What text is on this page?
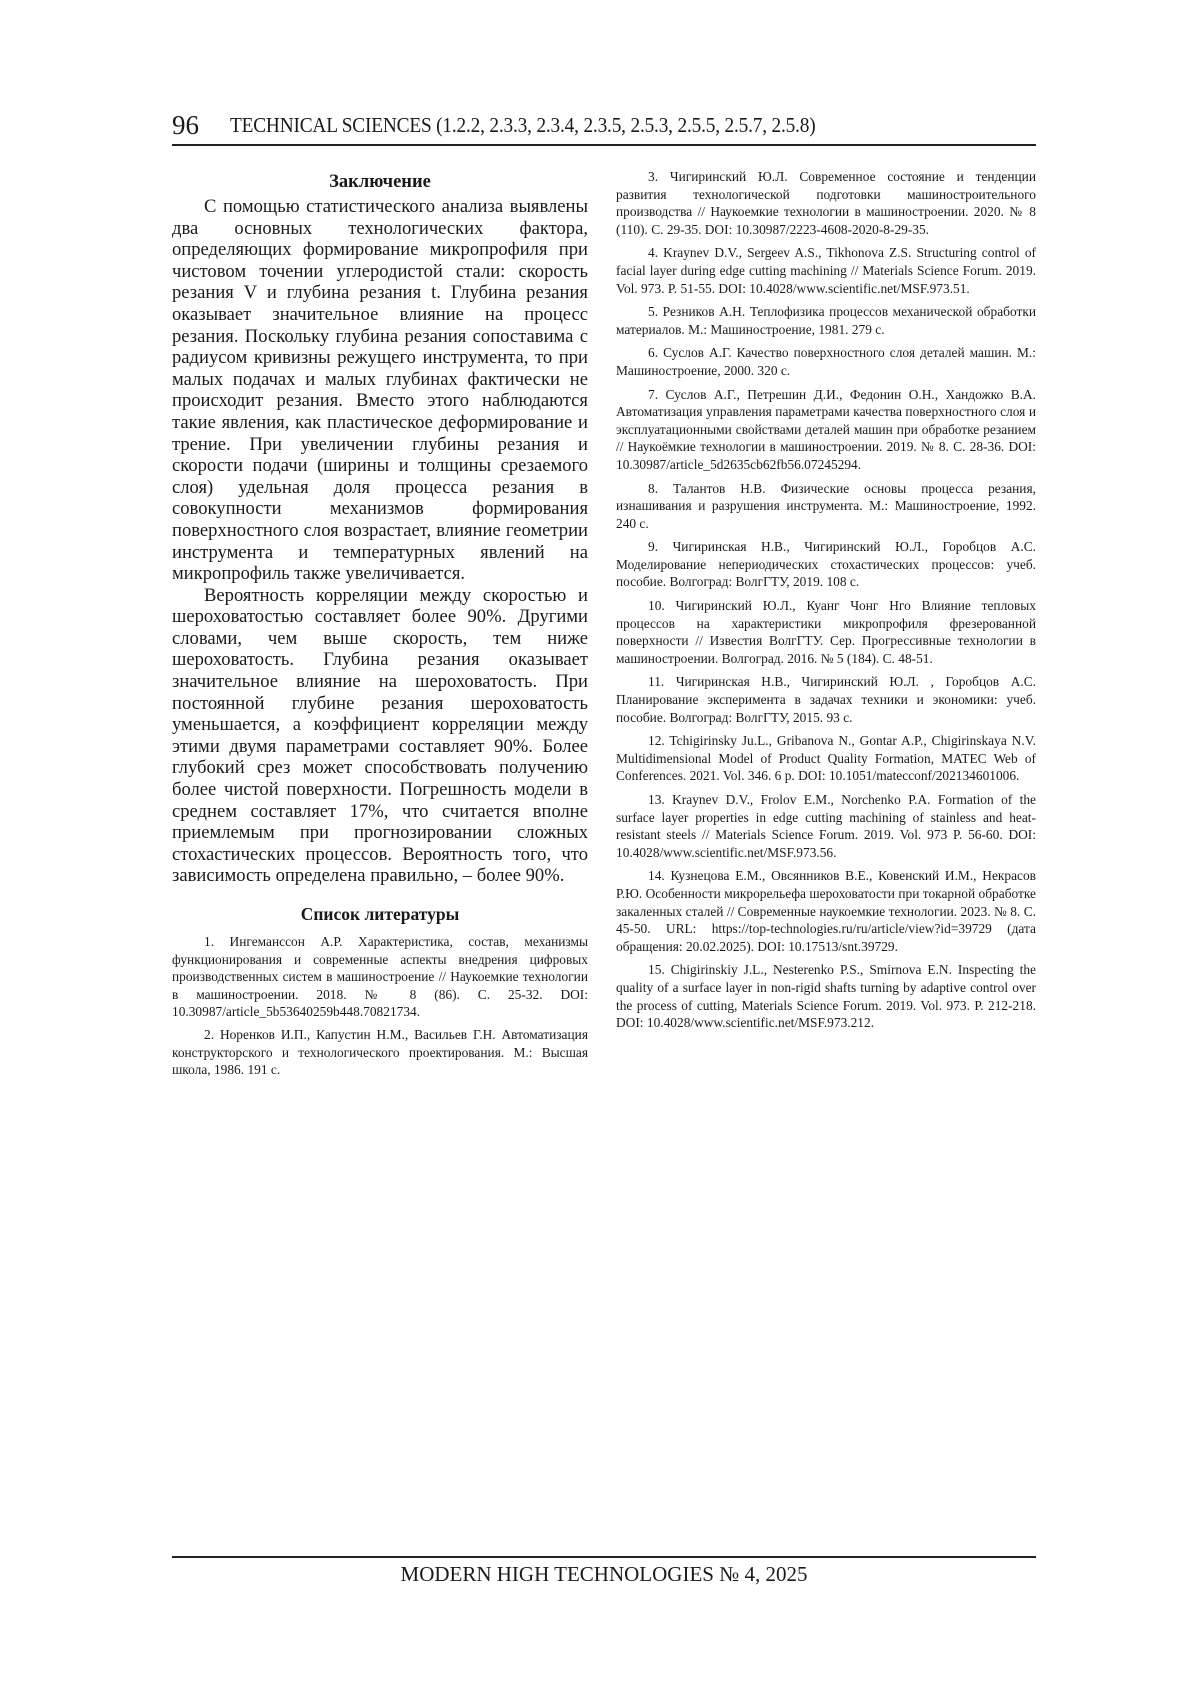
96	TECHNICAL SCIENCES (1.2.2, 2.3.3, 2.3.4, 2.3.5, 2.5.3, 2.5.5, 2.5.7, 2.5.8)
Заключение

С помощью статистического анализа выявлены два основных технологических фактора, определяющих формирование микропрофиля при чистовом точении углеродистой стали: скорость резания V и глубина резания t. Глубина резания оказывает значительное влияние на процесс резания. Поскольку глубина резания сопоставима с радиусом кривизны режущего инструмента, то при малых подачах и малых глубинах фактически не происходит резания. Вместо этого наблюдаются такие явления, как пластическое деформирование и трение. При увеличении глубины резания и скорости подачи (ширины и толщины срезаемого слоя) удельная доля процесса резания в совокупности механизмов формирования поверхностного слоя возрастает, влияние геометрии инструмента и температурных явлений на микропрофиль также увеличивается.

Вероятность корреляции между скоростью и шероховатостью составляет более 90%. Другими словами, чем выше скорость, тем ниже шероховатость. Глубина резания оказывает значительное влияние на шероховатость. При постоянной глубине резания шероховатость уменьшается, а коэффициент корреляции между этими двумя параметрами составляет 90%. Более глубокий срез может способствовать получению более чистой поверхности. Погрешность модели в среднем составляет 17%, что считается вполне приемлемым при прогнозировании сложных стохастических процессов. Вероятность того, что зависимость определена правильно, – более 90%.

Список литературы

1. Ингеманссон А.Р. Характеристика, состав, механизмы функционирования и современные аспекты внедрения цифровых производственных систем в машиностроение // Наукоемкие технологии в машиностроении. 2018. № 8 (86). С. 25-32. DOI: 10.30987/article_5b53640259b448.70821734.

2. Норенков И.П., Капустин Н.М., Васильев Г.Н. Автоматизация конструкторского и технологического проектирования. М.: Высшая школа, 1986. 191 с.

3. Чигиринский Ю.Л. Современное состояние и тенденции развития технологической подготовки машиностроительного производства // Наукоемкие технологии в машиностроении. 2020. № 8 (110). С. 29-35. DOI: 10.30987/2223-4608-2020-8-29-35.

4. Kraynev D.V., Sergeev A.S., Tikhonova Z.S. Structuring control of facial layer during edge cutting machining // Materials Science Forum. 2019. Vol. 973. P. 51-55. DOI: 10.4028/www.scientific.net/MSF.973.51.

5. Резников А.Н. Теплофизика процессов механической обработки материалов. М.: Машиностроение, 1981. 279 с.

6. Суслов А.Г. Качество поверхностного слоя деталей машин. М.: Машиностроение, 2000. 320 с.

7. Суслов А.Г., Петрешин Д.И., Федонин О.Н., Хандожко В.А. Автоматизация управления параметрами качества поверхностного слоя и эксплуатационными свойствами деталей машин при обработке резанием // Наукоёмкие технологии в машиностроении. 2019. № 8. С. 28-36. DOI: 10.30987/article_5d2635cb62fb56.07245294.

8. Талантов Н.В. Физические основы процесса резания, изнашивания и разрушения инструмента. М.: Машиностроение, 1992. 240 с.

9. Чигиринская Н.В., Чигиринский Ю.Л., Горобцов А.С. Моделирование непериодических стохастических процессов: учеб. пособие. Волгоград: ВолгГТУ, 2019. 108 с.

10. Чигиринский Ю.Л., Куанг Чонг Нго Влияние тепловых процессов на характеристики микропрофиля фрезерованной поверхности // Известия ВолгГТУ. Сер. Прогрессивные технологии в машиностроении. Волгоград. 2016. № 5 (184). С. 48-51.

11. Чигиринская Н.В., Чигиринский Ю.Л. , Горобцов А.С. Планирование эксперимента в задачах техники и экономики: учеб. пособие. Волгоград: ВолгГТУ, 2015. 93 с.

12. Tchigirinsky Ju.L., Gribanova N., Gontar A.P., Chigirinskaya N.V. Multidimensional Model of Product Quality Formation, MATEC Web of Conferences. 2021. Vol. 346. 6 p. DOI: 10.1051/matecconf/202134601006.

13. Kraynev D.V., Frolov E.M., Norchenko P.A. Formation of the surface layer properties in edge cutting machining of stainless and heat-resistant steels // Materials Science Forum. 2019. Vol. 973 P. 56-60. DOI: 10.4028/www.scientific.net/MSF.973.56.

14. Кузнецова Е.М., Овсянников В.Е., Ковенский И.М., Некрасов Р.Ю. Особенности микрорельефа шероховатости при токарной обработке закаленных сталей // Современные наукоемкие технологии. 2023. № 8. С. 45-50. URL: https://top-technologies.ru/ru/article/view?id=39729 (дата обращения: 20.02.2025). DOI: 10.17513/snt.39729.

15. Chigirinskiy J.L., Nesterenko P.S., Smirnova E.N. Inspecting the quality of a surface layer in non-rigid shafts turning by adaptive control over the process of cutting, Materials Science Forum. 2019. Vol. 973. P. 212-218. DOI: 10.4028/www.scientific.net/MSF.973.212.

MODERN HIGH TECHNOLOGIES № 4, 2025
